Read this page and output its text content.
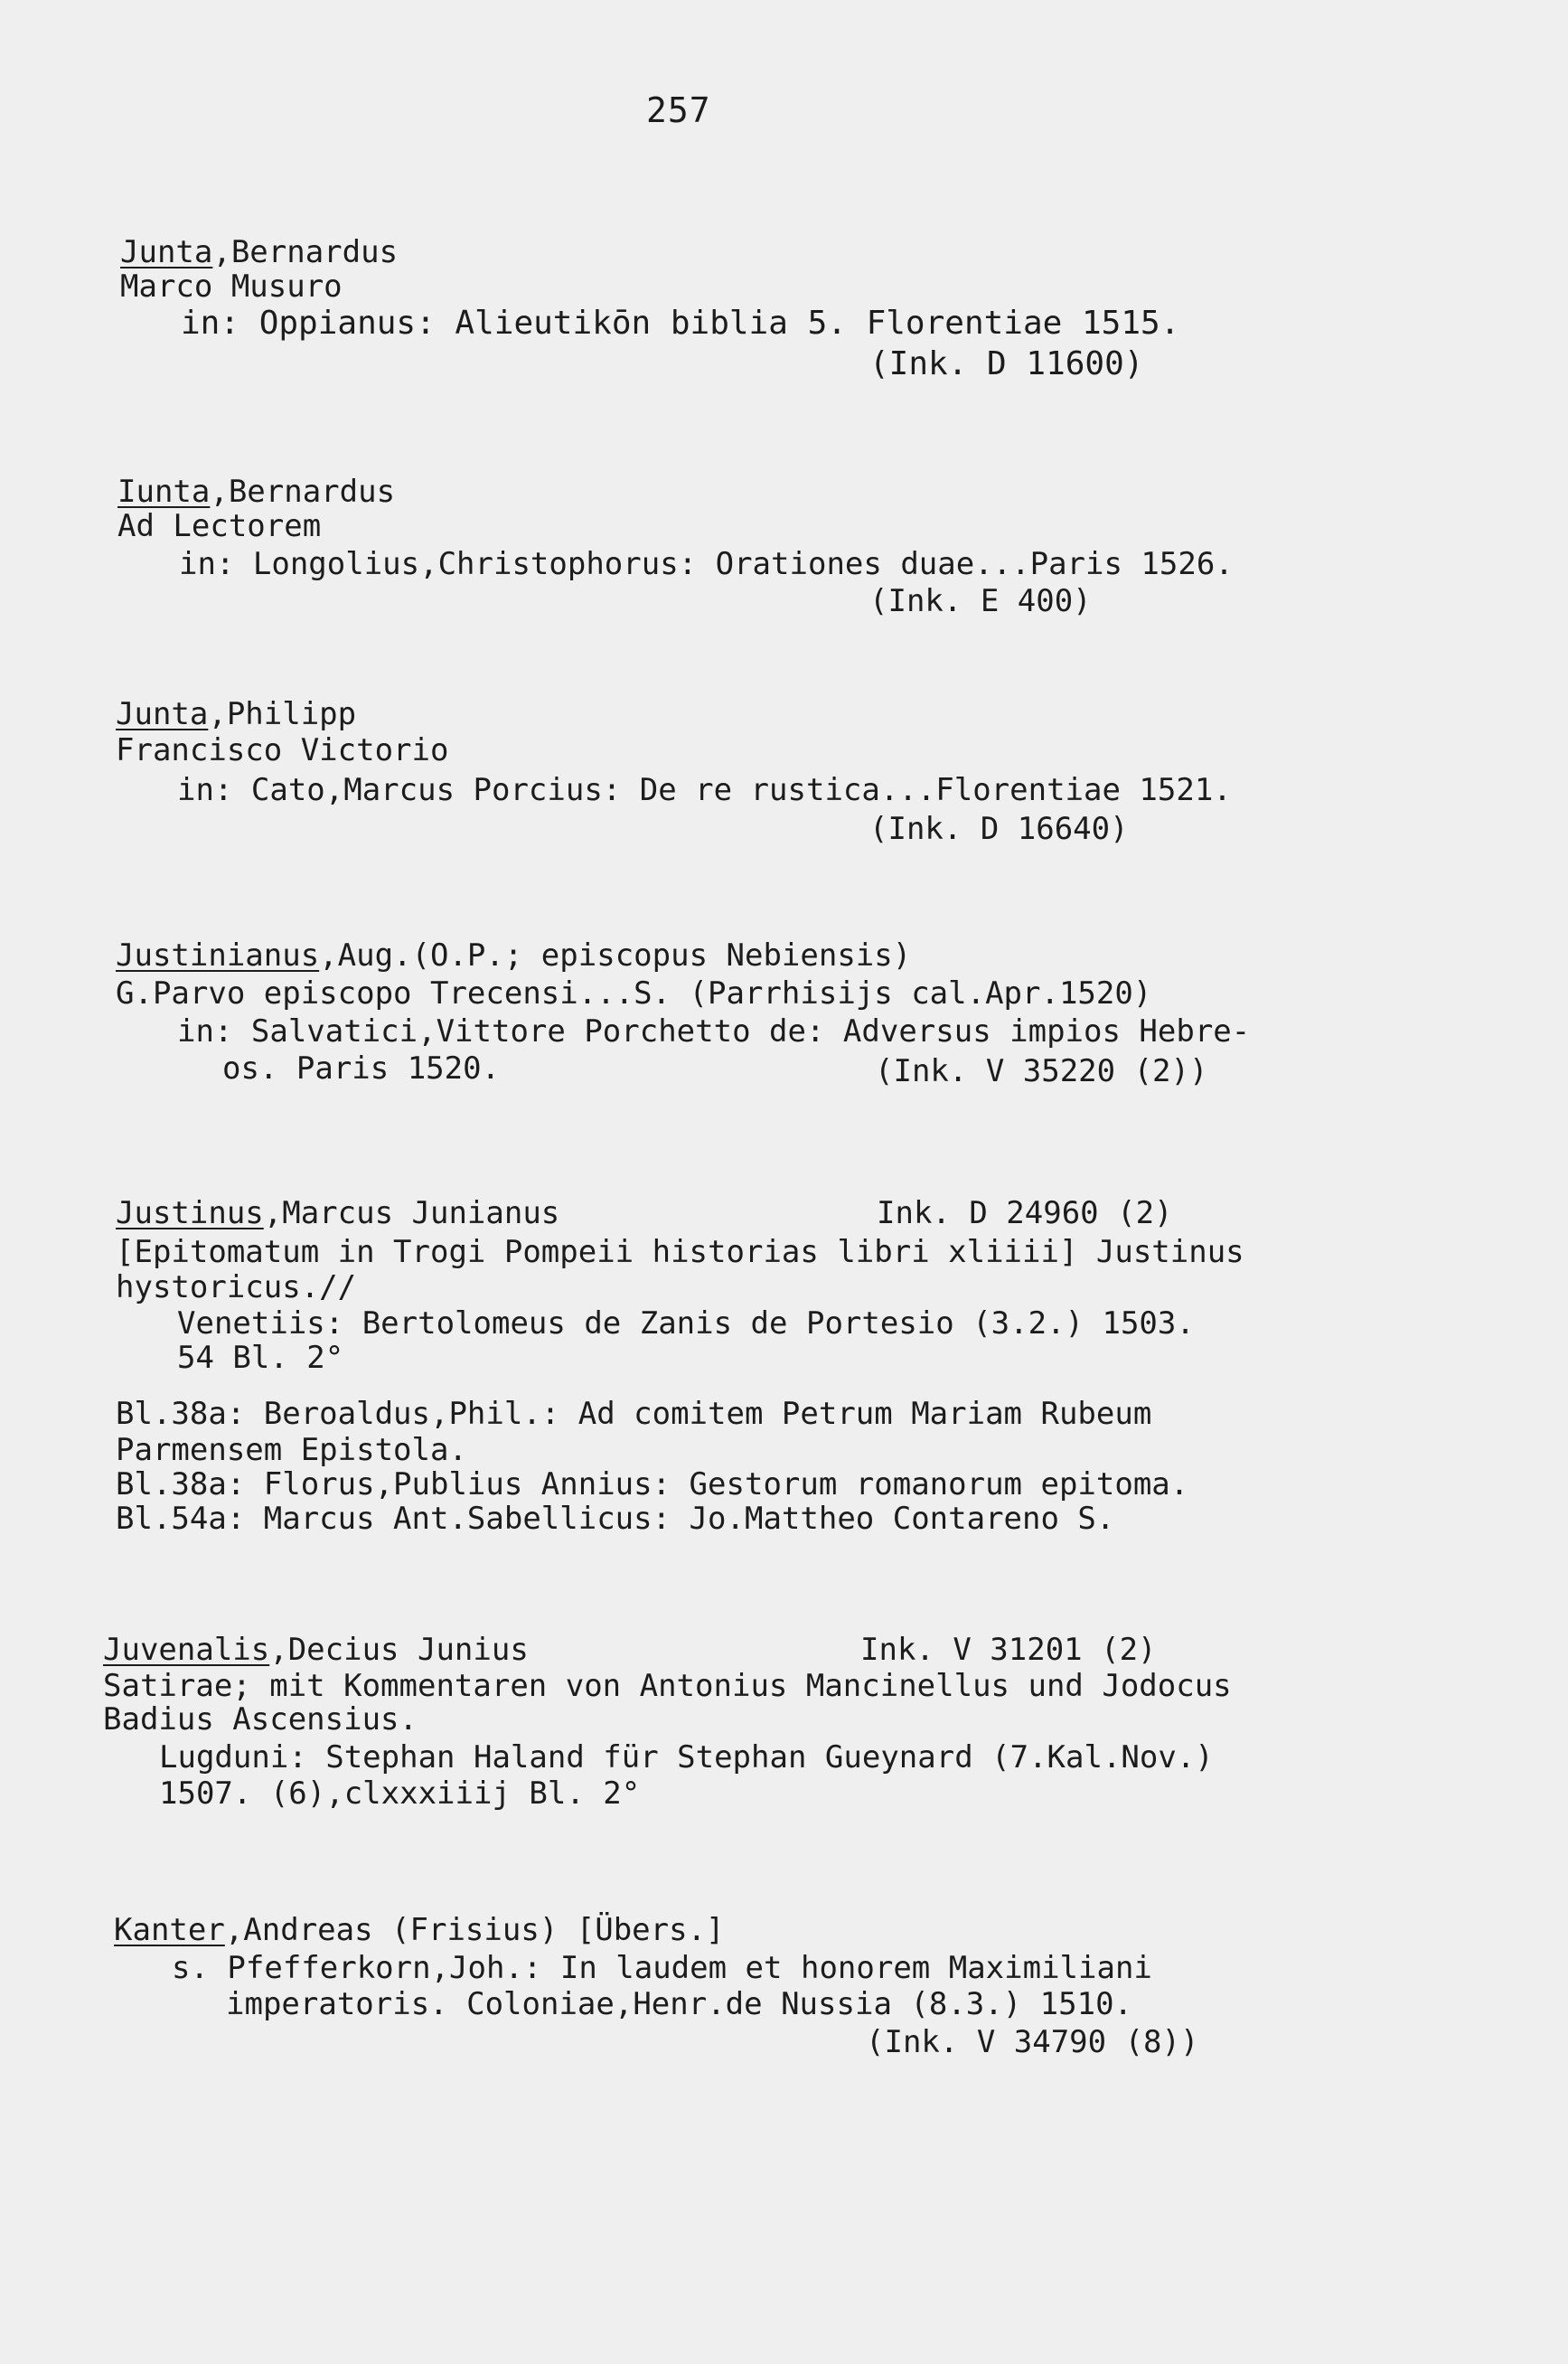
257
Junta,Bernardus
Marco Musuro
in: Oppianus: Alieutikōn biblia 5. Florentiae 1515.
(Ink. D 11600)
Iunta,Bernardus
Ad Lectorem
in: Longolius,Christophorus: Orationes duae...Paris 1526.
(Ink. E 400)
Junta,Philipp
Francisco Victorio
in: Cato,Marcus Porcius: De re rustica...Florentiae 1521.
(Ink. D 16640)
Justinianus,Aug.(O.P.; episcopus Nebiensis)
G.Parvo episcopo Trecensi...S. (Parrhisijs cal.Apr.1520)
in: Salvatici,Vittore Porchetto de: Adversus impios Hebre-
os. Paris 1520.	(Ink. V 35220 (2))
Justinus,Marcus Junianus	Ink. D 24960 (2)
[Epitomatum in Trogi Pompeii historias libri xliiii] Justinus
hystoricus.//
Venetiis: Bertolomeus de Zanis de Portesio (3.2.) 1503.
54 Bl. 2°
Bl.38a: Beroaldus,Phil.: Ad comitem Petrum Mariam Rubeum
Parmensem Epistola.
Bl.38a: Florus,Publius Annius: Gestorum romanorum epitoma.
Bl.54a: Marcus Ant.Sabellicus: Jo.Mattheo Contareno S.
Juvenalis,Decius Junius	Ink. V 31201 (2)
Satirae; mit Kommentaren von Antonius Mancinellus und Jodocus
Badius Ascensius.
Lugduni: Stephan Haland für Stephan Gueynard (7.Kal.Nov.)
1507. (6),clxxxiiij Bl. 2°
Kanter,Andreas (Frisius) [Übers.]
s. Pfefferkorn,Joh.: In laudem et honorem Maximiliani
imperatoris. Coloniae,Henr.de Nussia (8.3.) 1510.
(Ink. V 34790 (8))
